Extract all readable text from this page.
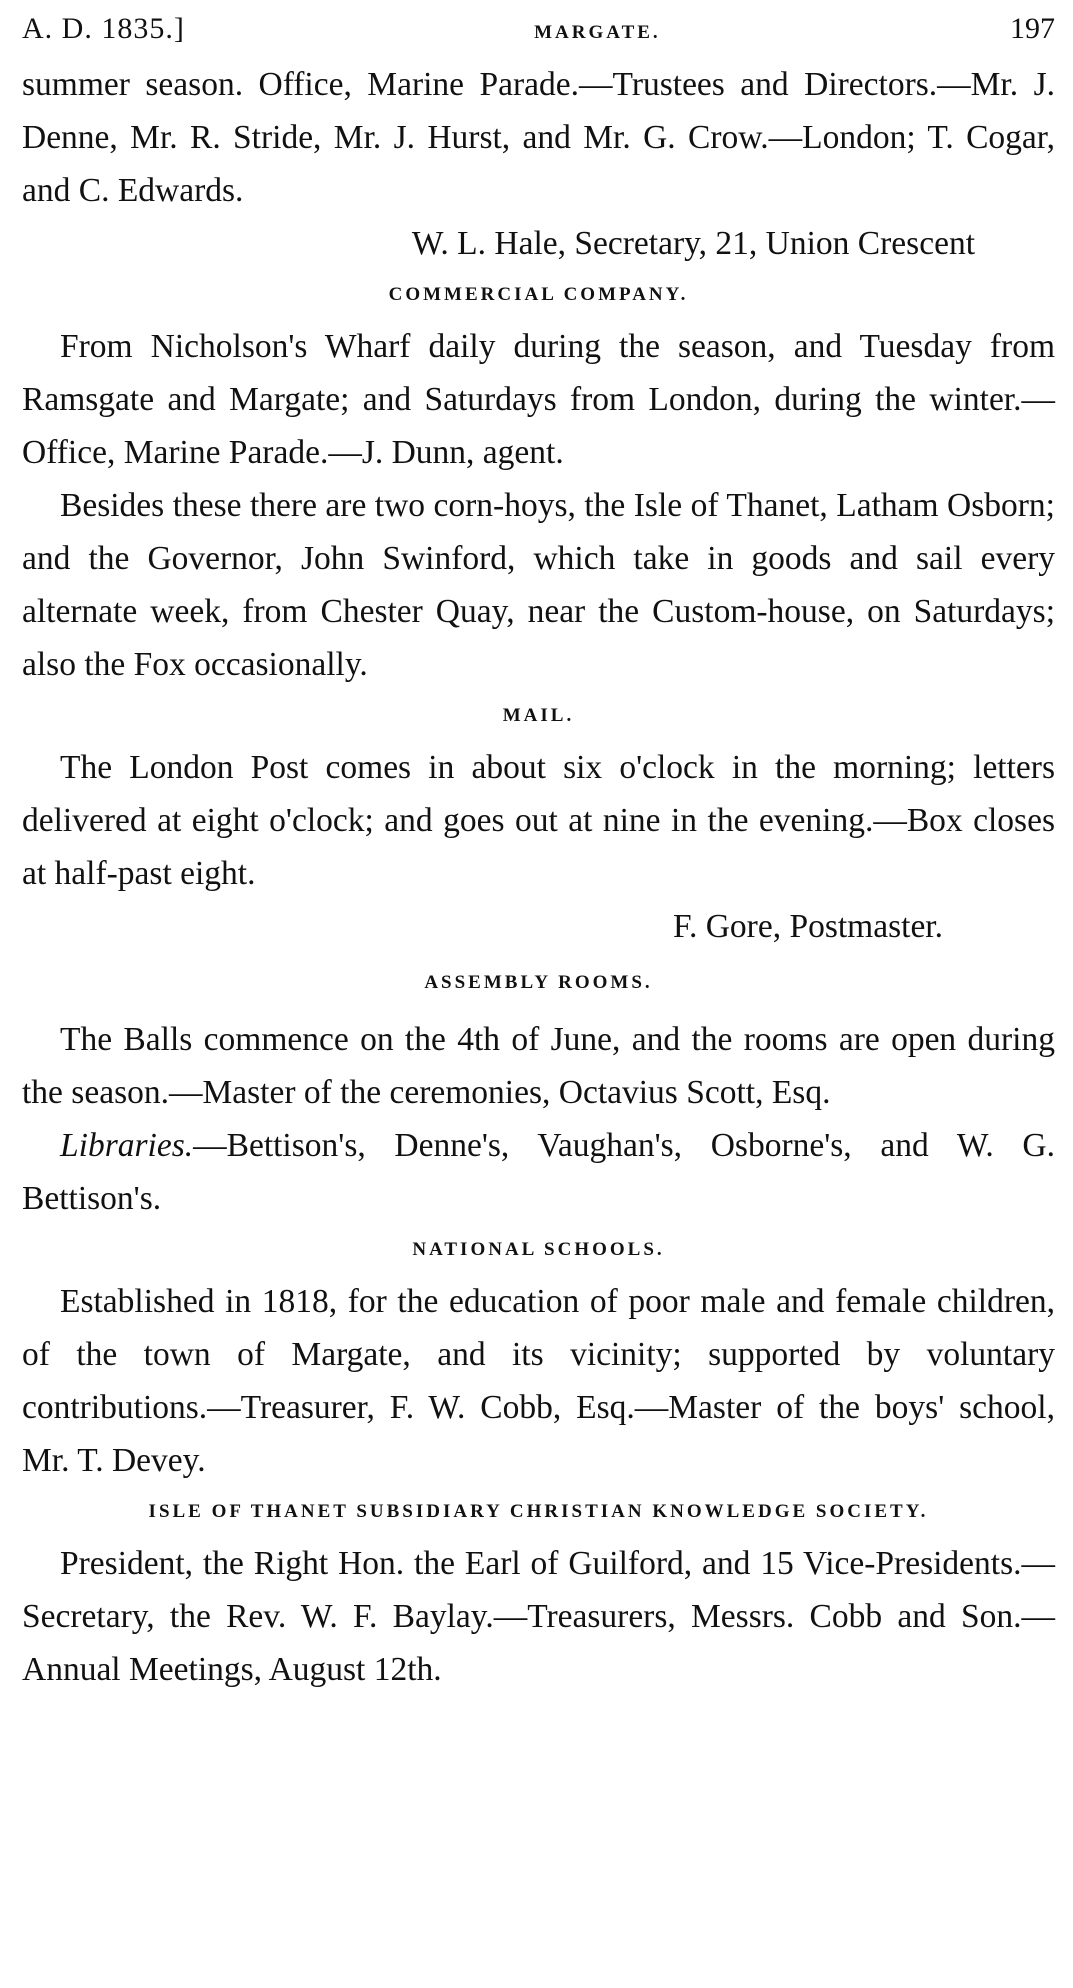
A. D. 1835.]	MARGATE.	197

summer season. Office, Marine Parade.—Trustees and Directors.—Mr. J. Denne, Mr. R. Stride, Mr. J. Hurst, and Mr. G. Crow.—London; T. Cogar, and C. Edwards.

W. L. Hale, Secretary, 21, Union Crescent

COMMERCIAL COMPANY.

From Nicholson's Wharf daily during the season, and Tuesday from Ramsgate and Margate; and Saturdays from London, during the winter.—Office, Marine Parade.—J. Dunn, agent.

Besides these there are two corn-hoys, the Isle of Thanet, Latham Osborn; and the Governor, John Swinford, which take in goods and sail every alternate week, from Chester Quay, near the Custom-house, on Saturdays; also the Fox occasionally.

MAIL.

The London Post comes in about six o'clock in the morning; letters delivered at eight o'clock; and goes out at nine in the evening.—Box closes at half-past eight.

F. Gore, Postmaster.

ASSEMBLY ROOMS.

The Balls commence on the 4th of June, and the rooms are open during the season.—Master of the ceremonies, Octavius Scott, Esq.

Libraries.—Bettison's, Denne's, Vaughan's, Osborne's, and W. G. Bettison's.

NATIONAL SCHOOLS.

Established in 1818, for the education of poor male and female children, of the town of Margate, and its vicinity; supported by voluntary contributions.—Treasurer, F. W. Cobb, Esq.—Master of the boys' school, Mr. T. Devey.

ISLE OF THANET SUBSIDIARY CHRISTIAN KNOWLEDGE SOCIETY.

President, the Right Hon. the Earl of Guilford, and 15 Vice-Presidents.—Secretary, the Rev. W. F. Baylay.—Treasurers, Messrs. Cobb and Son.—Annual Meetings, August 12th.
